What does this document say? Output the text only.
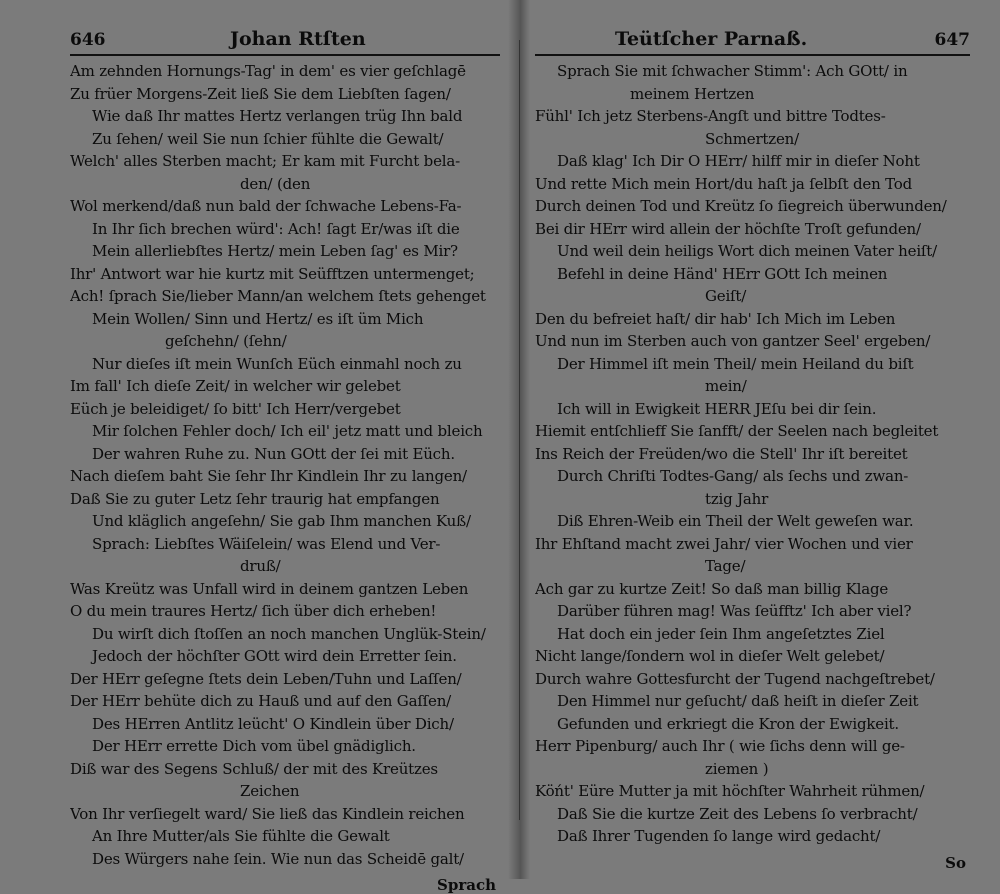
646	Johan Rtſten
Am zehnden Hornungs-Tag' in dem' es vier geſchlagē
Zu früer Morgens-Zeit ließ Sie dem Liebſten ſagen/
Wie daß Ihr mattes Hertz verlangen trüg Ihn bald
Zu ſehen/ weil Sie nun ſchier fühlte die Gewalt/
Welch' alles Sterben macht; Er kam mit Furcht bela-
den/ (den
Wol merkend/daß nun bald der ſchwache Lebens-Fa-
In Ihr ſich brechen würd': Ach! ſagt Er/was iſt die
Mein allerliebſtes Hertz/ mein Leben ſag' es Mir?
Ihr' Antwort war hie kurtz mit Seüfftzen untermenget;
Ach! ſprach Sie/lieber Mann/an welchem ſtets gehenget
Mein Wollen/ Sinn und Hertz/ es iſt üm Mich
geſchehn/ (ſehn/
Nur dieſes iſt mein Wunſch Eüch einmahl noch zu
Im fall' Ich dieſe Zeit/ in welcher wir gelebet
Eüch je beleidiget/ ſo bitt' Ich Herr/vergebet
Mir ſolchen Fehler doch/ Ich eil' jetz matt und bleich
Der wahren Ruhe zu. Nun GOtt der ſei mit Eüch.
Nach dieſem baht Sie ſehr Ihr Kindlein Ihr zu langen/
Daß Sie zu guter Letz ſehr traurig hat empfangen
Und kläglich angeſehn/ Sie gab Ihm manchen Kuß/
Sprach: Liebſtes Wäiſelein/ was Elend und Ver-
druß/
Was Kreütz was Unfall wird in deinem gantzen Leben
O du mein traures Hertz/ ſich über dich erheben!
Du wirſt dich ſtoſſen an noch manchen Unglük-Stein/
Jedoch der höchſter GOtt wird dein Erretter ſein.
Der HErr geſegne ſtets dein Leben/Tuhn und Laſſen/
Der HErr behüte dich zu Hauß und auf den Gaſſen/
Des HErren Antlitz leücht' O Kindlein über Dich/
Der HErr errette Dich vom übel gnädiglich.
Diß war des Segens Schluß/ der mit des Kreützes
Zeichen
Von Ihr verſiegelt ward/ Sie ließ das Kindlein reichen
An Ihre Mutter/als Sie fühlte die Gewalt
Des Würgers nahe ſein. Wie nun das Scheidē galt/
Sprach
Teütſcher Parnaß.	647
Sprach Sie mit ſchwacher Stimm': Ach GOtt/ in
meinem Hertzen
Fühl' Ich jetz Sterbens-Angſt und bittre Todtes-
Schmertzen/
Daß klag' Ich Dir O HErr/ hilff mir in dieſer Noht
Und rette Mich mein Hort/du haſt ja ſelbſt den Tod
Durch deinen Tod und Kreütz ſo ſiegreich überwunden/
Bei dir HErr wird allein der höchſte Troſt gefunden/
Und weil dein heiligs Wort dich meinen Vater heiſt/
Befehl in deine Händ' HErr GOtt Ich meinen
Geiſt/
Den du befreiet haſt/ dir hab' Ich Mich im Leben
Und nun im Sterben auch von gantzer Seel' ergeben/
Der Himmel iſt mein Theil/ mein Heiland du biſt
mein/
Ich will in Ewigkeit HERR JEſu bei dir ſein.
Hiemit entſchlieff Sie ſanfft/ der Seelen nach begleitet
Ins Reich der Freüden/wo die Stell' Ihr iſt bereitet
Durch Chriſti Todtes-Gang/ als ſechs und zwan-
tzig Jahr
Diß Ehren-Weib ein Theil der Welt geweſen war.
Ihr Ehſtand macht zwei Jahr/ vier Wochen und vier
Tage/
Ach gar zu kurtze Zeit! So daß man billig Klage
Darüber führen mag! Was ſeüfftz' Ich aber viel?
Hat doch ein jeder ſein Ihm angeſetztes Ziel
Nicht lange/ſondern wol in dieſer Welt gelebet/
Durch wahre Gottesfurcht der Tugend nachgeſtrebet/
Den Himmel nur geſucht/ daß heiſt in dieſer Zeit
Gefunden und erkriegt die Kron der Ewigkeit.
Herr Pipenburg/ auch Ihr ( wie ſichs denn will ge-
ziemen )
Köńt' Eüre Mutter ja mit höchſter Wahrheit rühmen/
Daß Sie die kurtze Zeit des Lebens ſo verbracht/
Daß Ihrer Tugenden ſo lange wird gedacht/
So
